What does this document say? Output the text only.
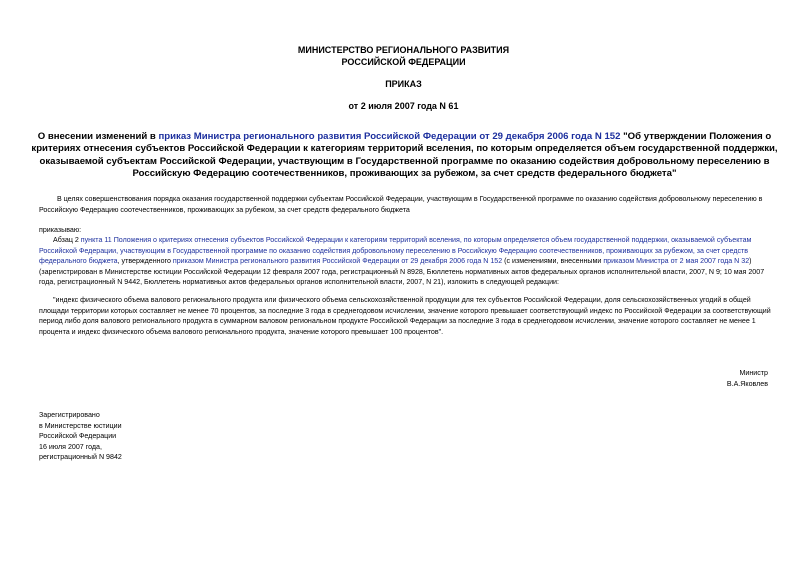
МИНИСТЕРСТВО РЕГИОНАЛЬНОГО РАЗВИТИЯ
РОССИЙСКОЙ ФЕДЕРАЦИИ
ПРИКАЗ
от 2 июля 2007 года N 61
О внесении изменений в приказ Министра регионального развития Российской Федерации от 29 декабря 2006 года N 152 "Об утверждении Положения о критериях отнесения субъектов Российской Федерации к категориям территорий вселения, по которым определяется объем государственной поддержки, оказываемой субъектам Российской Федерации, участвующим в Государственной программе по оказанию содействия добровольному переселению в Российскую Федерацию соотечественников, проживающих за рубежом, за счет средств федерального бюджета"
В целях совершенствования порядка оказания государственной поддержки субъектам Российской Федерации, участвующим в Государственной программе по оказанию содействия добровольному переселению в Российскую Федерацию соотечественников, проживающих за рубежом, за счет средств федерального бюджета
приказываю:
Абзац 2 пункта 11 Положения о критериях отнесения субъектов Российской Федерации к категориям территорий вселения, по которым определяется объем государственной поддержки, оказываемой субъектам Российской Федерации, участвующим в Государственной программе по оказанию содействия добровольному переселению в Российскую Федерацию соотечественников, проживающих за рубежом, за счет средств федерального бюджета, утвержденного приказом Министра регионального развития Российской Федерации от 29 декабря 2006 года N 152 (с изменениями, внесенными приказом Министра от 2 мая 2007 года N 32) (зарегистрирован в Министерстве юстиции Российской Федерации 12 февраля 2007 года, регистрационный N 8928, Бюллетень нормативных актов федеральных органов исполнительной власти, 2007, N 9; 10 мая 2007 года, регистрационный N 9442, Бюллетень нормативных актов федеральных органов исполнительной власти, 2007, N 21), изложить в следующей редакции:
"индекс физического объема валового регионального продукта или физического объема сельскохозяйственной продукции для тех субъектов Российской Федерации, доля сельскохозяйственных угодий в общей площади территории которых составляет не менее 70 процентов, за последние 3 года в среднегодовом исчислении, значение которого превышает соответствующий индекс по Российской Федерации за соответствующий период либо доля валового регионального продукта в суммарном валовом региональном продукте Российской Федерации за последние 3 года в среднегодовом исчислении, значение которого составляет не менее 1 процента и индекс физического объема валового регионального продукта, значение которого превышает 100 процентов".
Министр
В.А.Яковлев
Зарегистрировано
в Министерстве юстиции
Российской Федерации
16 июля 2007 года,
регистрационный N 9842
